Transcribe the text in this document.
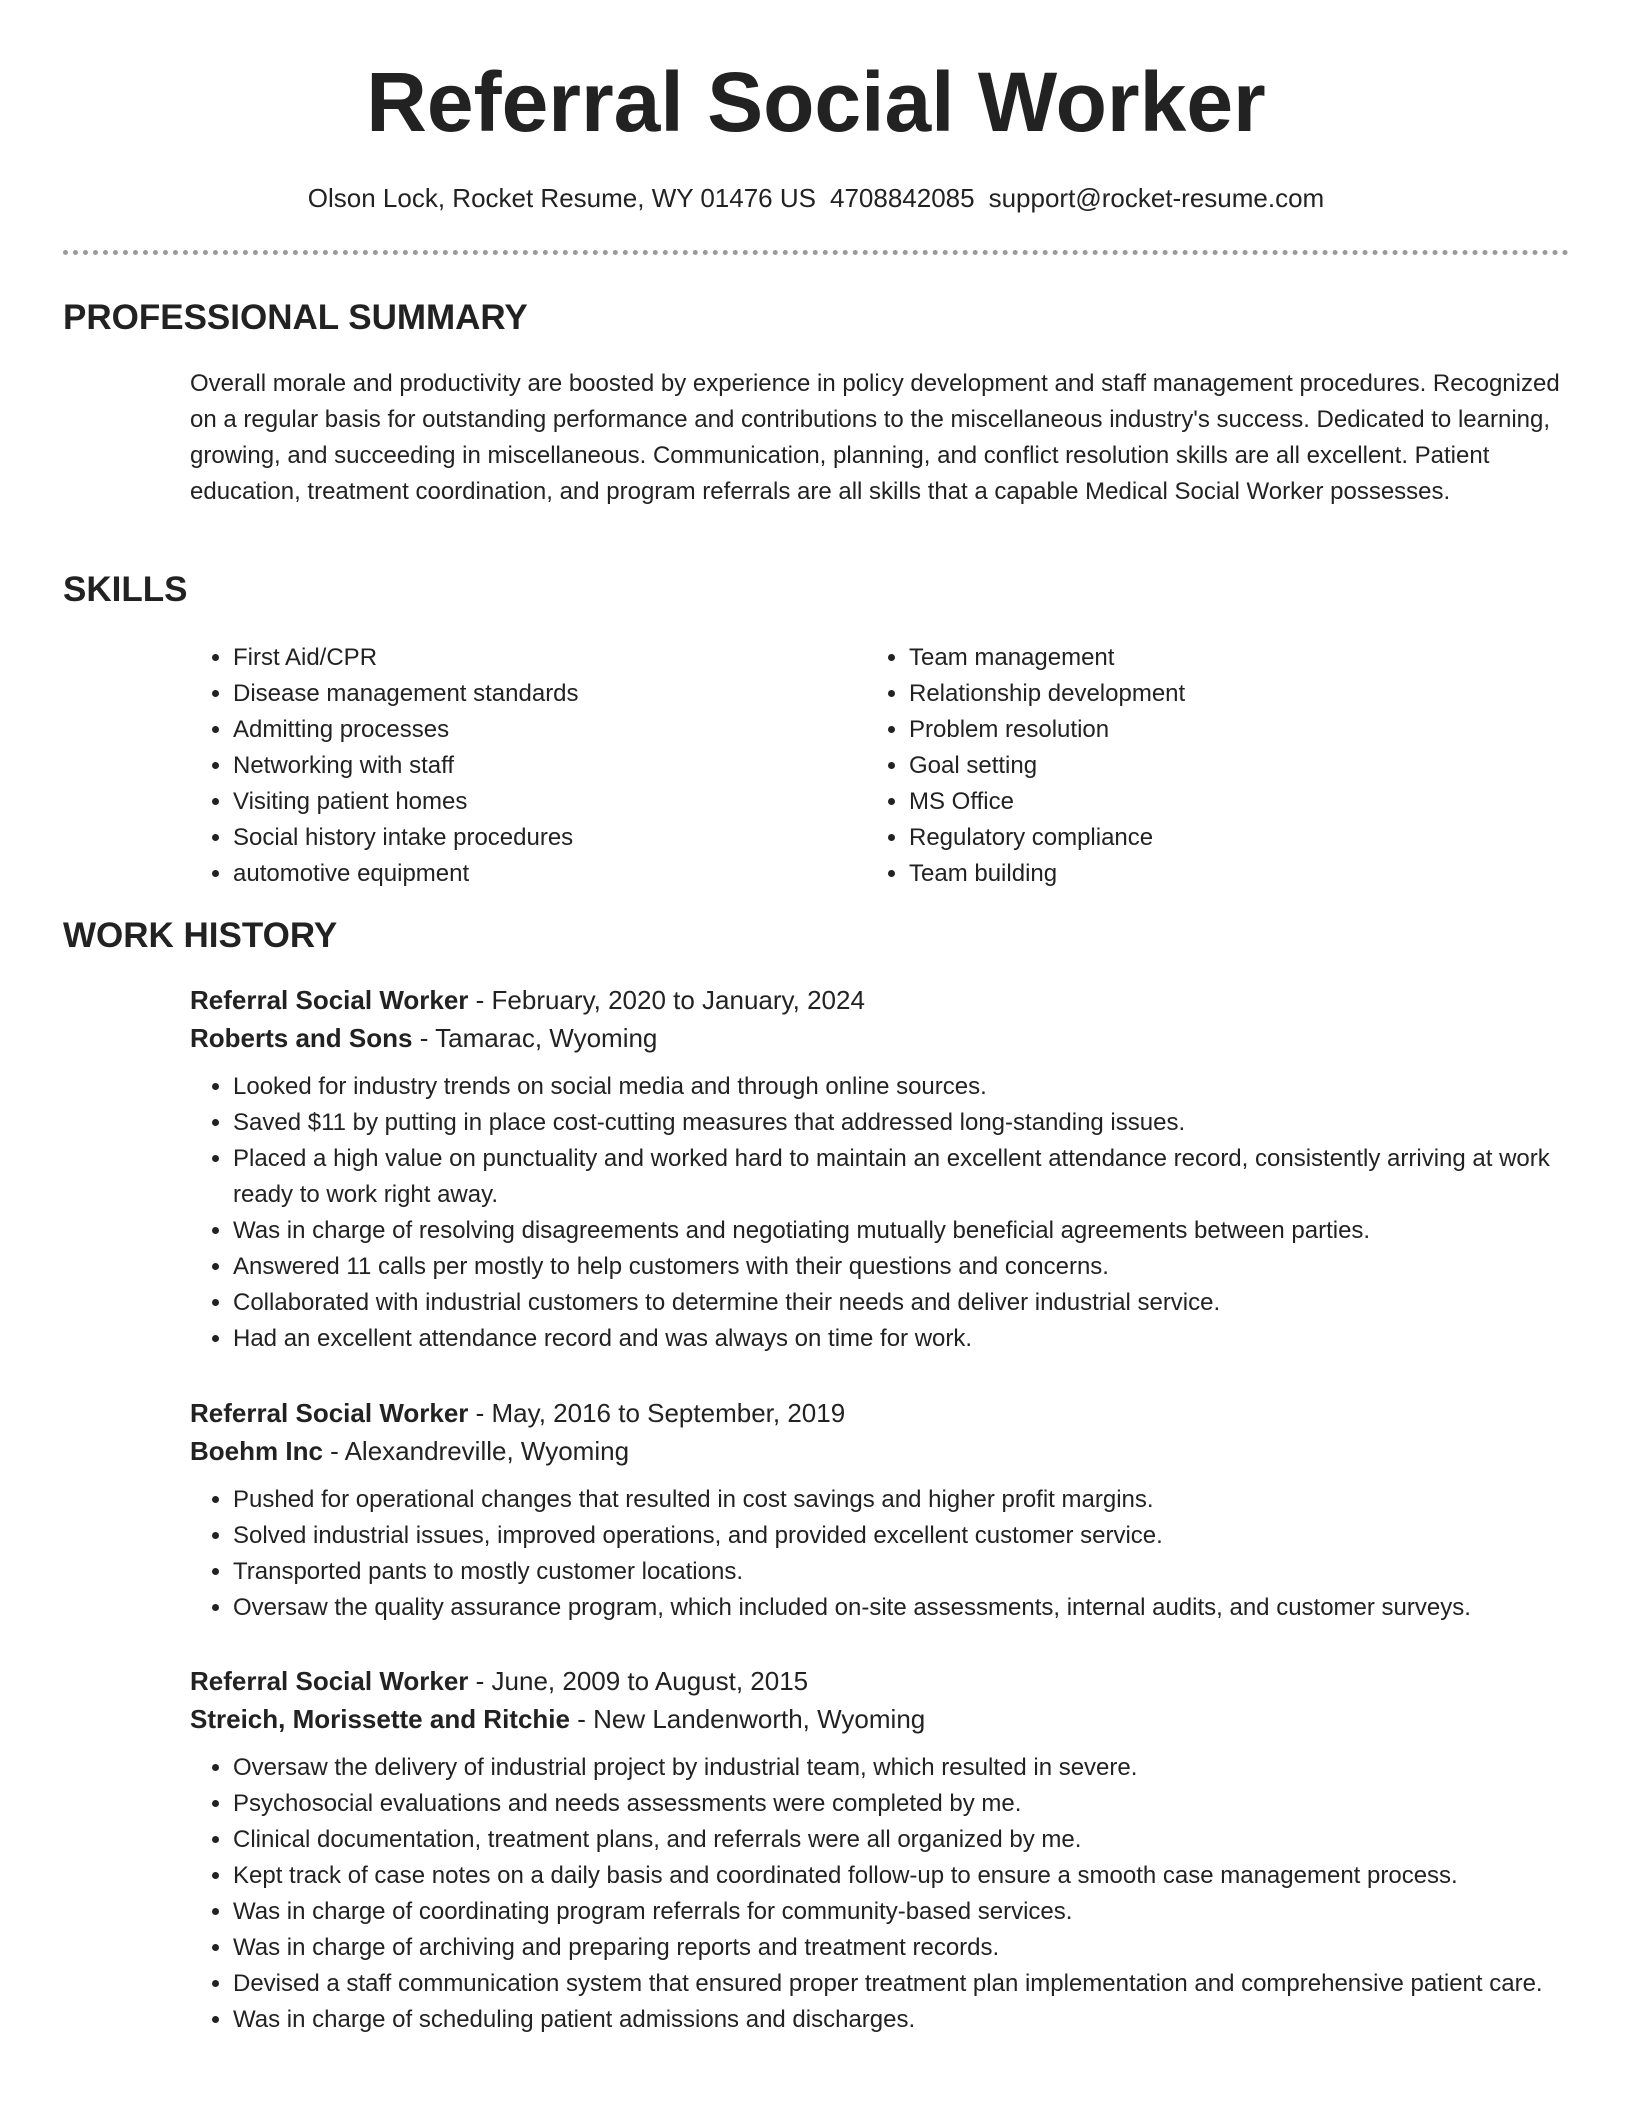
Referral Social Worker
Olson Lock, Rocket Resume, WY 01476 US 4708842085 support@rocket-resume.com
PROFESSIONAL SUMMARY
Overall morale and productivity are boosted by experience in policy development and staff management procedures. Recognized on a regular basis for outstanding performance and contributions to the miscellaneous industry's success. Dedicated to learning, growing, and succeeding in miscellaneous. Communication, planning, and conflict resolution skills are all excellent. Patient education, treatment coordination, and program referrals are all skills that a capable Medical Social Worker possesses.
SKILLS
• First Aid/CPR
• Disease management standards
• Admitting processes
• Networking with staff
• Visiting patient homes
• Social history intake procedures
• automotive equipment
• Team management
• Relationship development
• Problem resolution
• Goal setting
• MS Office
• Regulatory compliance
• Team building
WORK HISTORY
Referral Social Worker - February, 2020 to January, 2024
Roberts and Sons - Tamarac, Wyoming
• Looked for industry trends on social media and through online sources.
• Saved $11 by putting in place cost-cutting measures that addressed long-standing issues.
• Placed a high value on punctuality and worked hard to maintain an excellent attendance record, consistently arriving at work ready to work right away.
• Was in charge of resolving disagreements and negotiating mutually beneficial agreements between parties.
• Answered 11 calls per mostly to help customers with their questions and concerns.
• Collaborated with industrial customers to determine their needs and deliver industrial service.
• Had an excellent attendance record and was always on time for work.
Referral Social Worker - May, 2016 to September, 2019
Boehm Inc - Alexandreville, Wyoming
• Pushed for operational changes that resulted in cost savings and higher profit margins.
• Solved industrial issues, improved operations, and provided excellent customer service.
• Transported pants to mostly customer locations.
• Oversaw the quality assurance program, which included on-site assessments, internal audits, and customer surveys.
Referral Social Worker - June, 2009 to August, 2015
Streich, Morissette and Ritchie - New Landenworth, Wyoming
• Oversaw the delivery of industrial project by industrial team, which resulted in severe.
• Psychosocial evaluations and needs assessments were completed by me.
• Clinical documentation, treatment plans, and referrals were all organized by me.
• Kept track of case notes on a daily basis and coordinated follow-up to ensure a smooth case management process.
• Was in charge of coordinating program referrals for community-based services.
• Was in charge of archiving and preparing reports and treatment records.
• Devised a staff communication system that ensured proper treatment plan implementation and comprehensive patient care.
• Was in charge of scheduling patient admissions and discharges.
